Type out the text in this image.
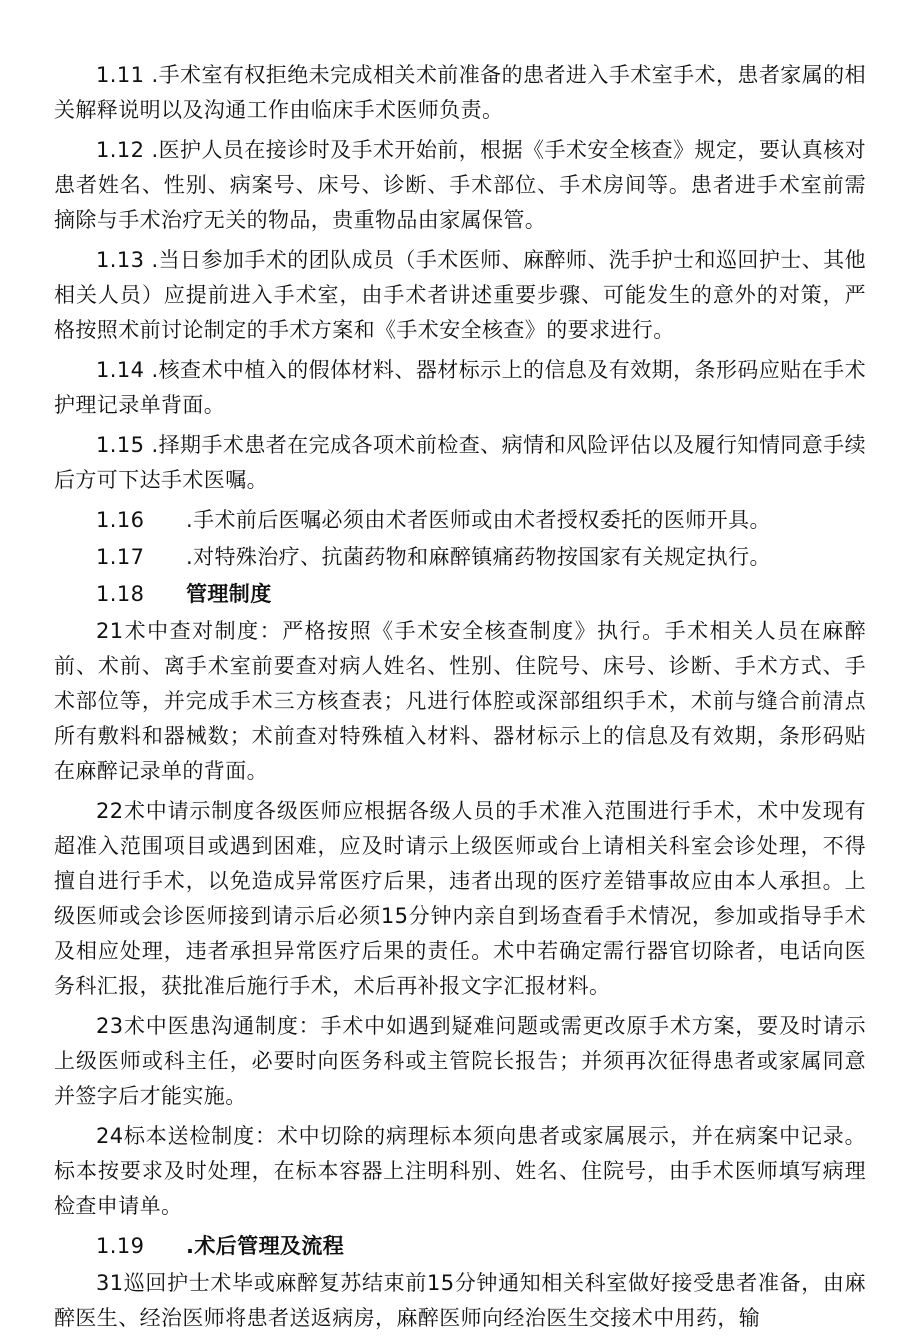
1.11 .手术室有权拒绝未完成相关术前准备的患者进入手术室手术，患者家属的相关解释说明以及沟通工作由临床手术医师负责。

1.12 .医护人员在接诊时及手术开始前，根据《手术安全核查》规定，要认真核对患者姓名、性别、病案号、床号、诊断、手术部位、手术房间等。患者进手术室前需摘除与手术治疗无关的物品，贵重物品由家属保管。

1.13 .当日参加手术的团队成员（手术医师、麻醉师、洗手护士和巡回护士、其他相关人员）应提前进入手术室，由手术者讲述重要步骤、可能发生的意外的对策，严格按照术前讨论制定的手术方案和《手术安全核查》的要求进行。

1.14 .核查术中植入的假体材料、器材标示上的信息及有效期，条形码应贴在手术护理记录单背面。

1.15 .择期手术患者在完成各项术前检查、病情和风险评估以及履行知情同意手续后方可下达手术医嘱。

1.16 .手术前后医嘱必须由术者医师或由术者授权委托的医师开具。
1.17 .对特殊治疗、抗菌药物和麻醉镇痛药物按国家有关规定执行。
1.18 管理制度

21术中查对制度：严格按照《手术安全核查制度》执行。手术相关人员在麻醉前、术前、离手术室前要查对病人姓名、性别、住院号、床号、诊断、手术方式、手术部位等，并完成手术三方核查表；凡进行体腔或深部组织手术，术前与缝合前清点所有敷料和器械数；术前查对特殊植入材料、器材标示上的信息及有效期，条形码贴在麻醉记录单的背面。

22术中请示制度各级医师应根据各级人员的手术准入范围进行手术，术中发现有超准入范围项目或遇到困难，应及时请示上级医师或台上请相关科室会诊处理，不得擅自进行手术，以免造成异常医疗后果，违者出现的医疗差错事故应由本人承担。上级医师或会诊医师接到请示后必须15分钟内亲自到场查看手术情况，参加或指导手术及相应处理，违者承担异常医疗后果的责任。术中若确定需行器官切除者，电话向医务科汇报，获批准后施行手术，术后再补报文字汇报材料。

23术中医患沟通制度：手术中如遇到疑难问题或需更改原手术方案，要及时请示上级医师或科主任，必要时向医务科或主管院长报告；并须再次征得患者或家属同意并签字后才能实施。

24标本送检制度：术中切除的病理标本须向患者或家属展示，并在病案中记录。标本按要求及时处理，在标本容器上注明科别、姓名、住院号，由手术医师填写病理检查申请单。

1.19 .术后管理及流程

31巡回护士术毕或麻醉复苏结束前15分钟通知相关科室做好接受患者准备，由麻醉医生、经治医师将患者送返病房，麻醉医师向经治医生交接术中用药，输
